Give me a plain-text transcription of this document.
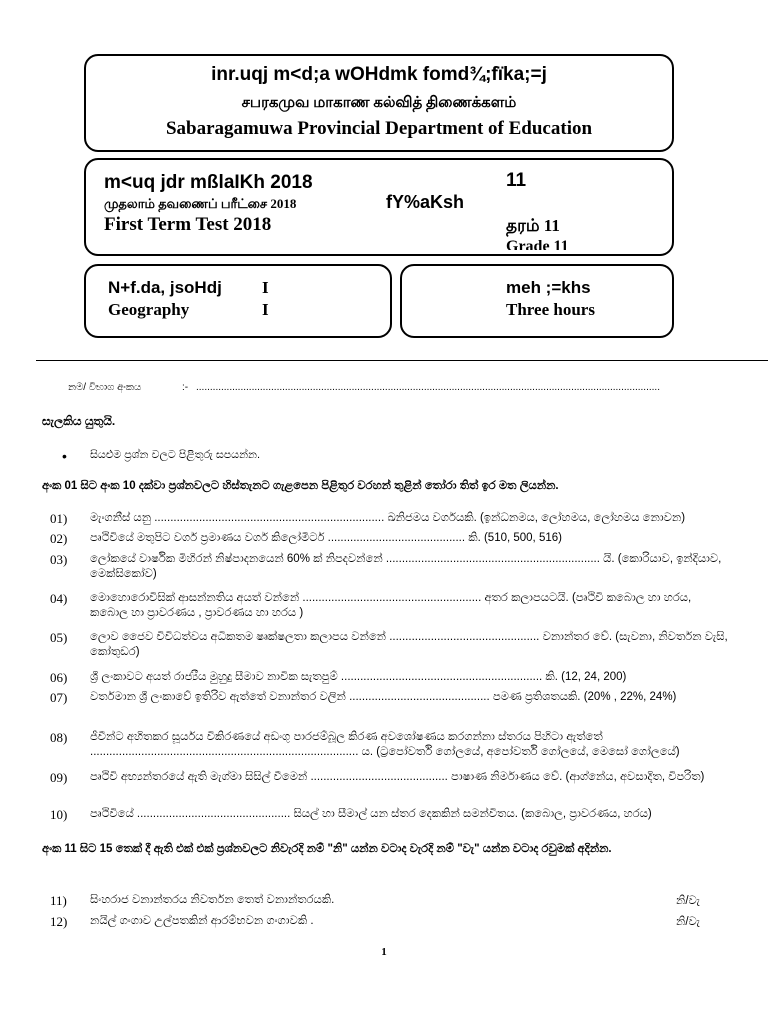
inr.uqj m<d;a wOHdmk fomd¾;fïka;=j
சபரகமுவ மாகாண கல்வித் திணைக்களம்
Sabaragamuwa Provincial Department of Education
m<uq jdr mßlaIKh 2018
முதலாம் தவணைப் பரீட்சை 2018
First Term Test 2018
11
fY%aKsh
தரம் 11
Grade 11
N+f.da, jsoHdj
Geography
I
I
meh ;=khs
Three hours
නම/ විභාග අංකය	:- .......................................................................................................................................................................
සැලකිය යුතුයි.
• සියළුම ප්‍රශ්න වලට පිළිතුරු සපයන්න.
අංක 01 සිට අංක 10 දක්වා ප්‍රශ්නවලට හිස්තැනට ගැළපෙන පිළිතුර වරහන් තුළින් තෝරා තිත් ඉර මත ලියන්න.
01)	මැංගනීස් යනු ........................................................................ ඛනිජමය වර්ගයකි. (ඉන්ධනමය, ලෝහමය, ලෝහමය නොවන)
02)	පෘථිවියේ මතුපිට වර්ග ප්‍රමාණය වර්ග කිලෝමීටර් ........................................... කි. (510, 500, 516)
03)	ලෝකයේ වාර්ෂික මිහිරන් නිෂ්පාදනයෙන් 60% ක් නිපදවන්නේ ................................................................... යි. (කොරියාව, ඉන්දියාව, මෙක්සිකෝව)
04)	මොහොරොවිසික් ආසන්නතිය අයත් වන්නේ ........................................................ අතර කලාපයටයි. (පෘථිවි කබොල හා හරය, කබොල හා ප්‍රාවරණය , ප්‍රාවරණය හා හරය )
05)	ලොව ජෛව විවිධත්වය අධිකතම ෂෘක්ෂලතා කලාපය වන්නේ ............................................... වනාන්තර වේ. (සැවනා, නිවර්තන වැසි, කෝතුඩර)
06)	ශ්‍රී ලංකාවට අයත් රාජ්‍යීය මුහුදු සීමාව නාවික සැතපුම් ............................................................... කි. (12, 24, 200)
07)	වර්තමාන ශ්‍රී ලංකාවේ ඉතිරිව ඇත්තේ වනාන්තර වලින් ............................................ පමණ ප්‍රතිශතයකි. (20% , 22%, 24%)
08)	ජීවීන්ට අහිතකර සූර්යය විකිරණයේ අඩංගු පාරජම්බූල කිරණ අවශෝෂණය කරගන්නා ස්තරය පිහිටා ඇත්තේ .................................................................................... ය. (ට්‍රපෝවර්ති ගෝලයේ, අපෝවර්ති ගෝලයේ, මෙසෝ ගෝලයේ)
09)	පෘථිවි අභ්‍යන්තරයේ ඇති මැග්මා සිසිල් වීමෙන් ........................................... පාෂාණ නිර්මාණය වේ. (ආග්නේය, අවසාදිත, විපරිත)
10)	පෘථිවියේ ................................................ සියල් හා සීමාල් යන ස්තර දෙකකින් සමන්විතය. (කබොල, ප්‍රාවරණය, හරය)
අංක 11 සිට 15 තෙක් දී ඇති එක් එක් ප්‍රශ්නවලට නිවැරදි නම් "නි" යන්න වටාද වැරදි නම් "වැ" යන්න වටාද රවුමක් අදින්න.
11)	සිංහරාජ වනාන්තරය නිවර්තන තෙත් වනාන්තරයකි.	නි/වැ
12)	නයිල් ගංගාව උල්පතකින් ආරම්භවන ගංගාවකි .	නි/වැ
1
